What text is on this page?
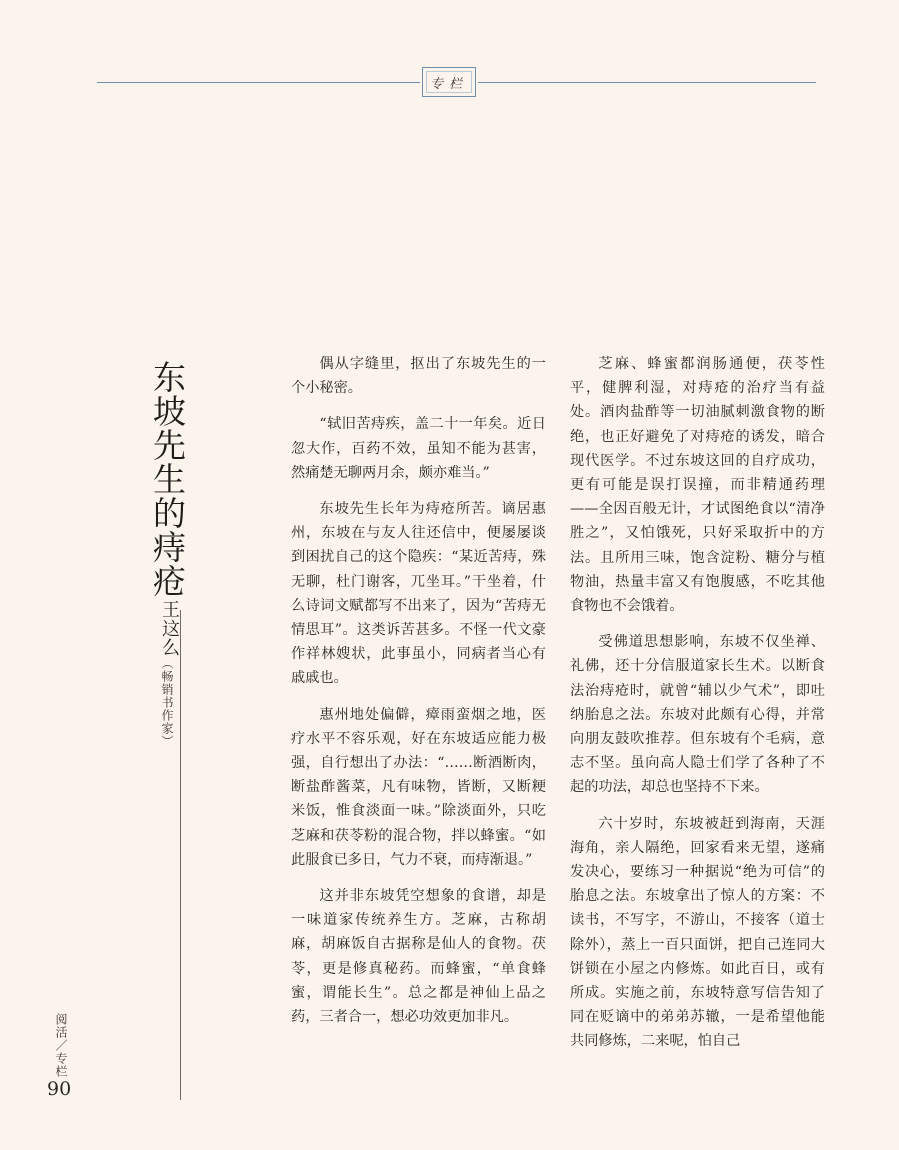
专栏
东坡先生的痔疮
王这么
（畅销书作家）

偶从字缝里，抠出了东坡先生的一个小秘密。

“轼旧苦痔疾，盖二十一年矣。近日忽大作，百药不效，虽知不能为甚害，然痛楚无聊两月余，颇亦难当。”

东坡先生长年为痔疮所苦。谪居惠州，东坡在与友人往还信中，便屡屡谈到困扰自己的这个隐疾：“某近苦痔，殊无聊，杜门谢客，兀坐耳。”干坐着，什么诗词文赋都写不出来了，因为“苦痔无情思耳”。这类诉苦甚多。不怪一代文豪作祥林嫂状，此事虽小，同病者当心有戚戚也。

惠州地处偏僻，瘴雨蛮烟之地，医疗水平不容乐观，好在东坡适应能力极强，自行想出了办法：“……断酒断肉，断盐酢酱菜，凡有味物，皆断，又断粳米饭，惟食淡面一味。”除淡面外，只吃芝麻和茯苓粉的混合物，拌以蜂蜜。“如此服食已多日，气力不衰，而痔渐退。”

这并非东坡凭空想象的食谱，却是一味道家传统养生方。芝麻，古称胡麻，胡麻饭自古据称是仙人的食物。茯苓，更是修真秘药。而蜂蜜，“单食蜂蜜，谓能长生”。总之都是神仙上品之药，三者合一，想必功效更加非凡。

芝麻、蜂蜜都润肠通便，茯苓性平，健脾利湿，对痔疮的治疗当有益处。酒肉盐酢等一切油腻刺激食物的断绝，也正好避免了对痔疮的诱发，暗合现代医学。不过东坡这回的自疗成功，更有可能是误打误撞，而非精通药理——全因百般无计，才试图绝食以“清净胜之”，又怕饿死，只好采取折中的方法。且所用三味，饱含淀粉、糖分与植物油，热量丰富又有饱腹感，不吃其他食物也不会饿着。

受佛道思想影响，东坡不仅坐禅、礼佛，还十分信服道家长生术。以断食法治痔疮时，就曾“辅以少气术”，即吐纳胎息之法。东坡对此颇有心得，并常向朋友鼓吹推荐。但东坡有个毛病，意志不坚。虽向高人隐士们学了各种了不起的功法，却总也坚持不下来。

六十岁时，东坡被赶到海南，天涯海角，亲人隔绝，回家看来无望，遂痛发决心，要练习一种据说“绝为可信”的胎息之法。东坡拿出了惊人的方案：不读书，不写字，不游山，不接客（道士除外），蒸上一百只面饼，把自己连同大饼锁在小屋之内修炼。如此百日，或有所成。实施之前，东坡特意写信告知了同在贬谪中的弟弟苏辙，一是希望他能共同修炼，二来呢，怕自己

阅活／专栏
90
